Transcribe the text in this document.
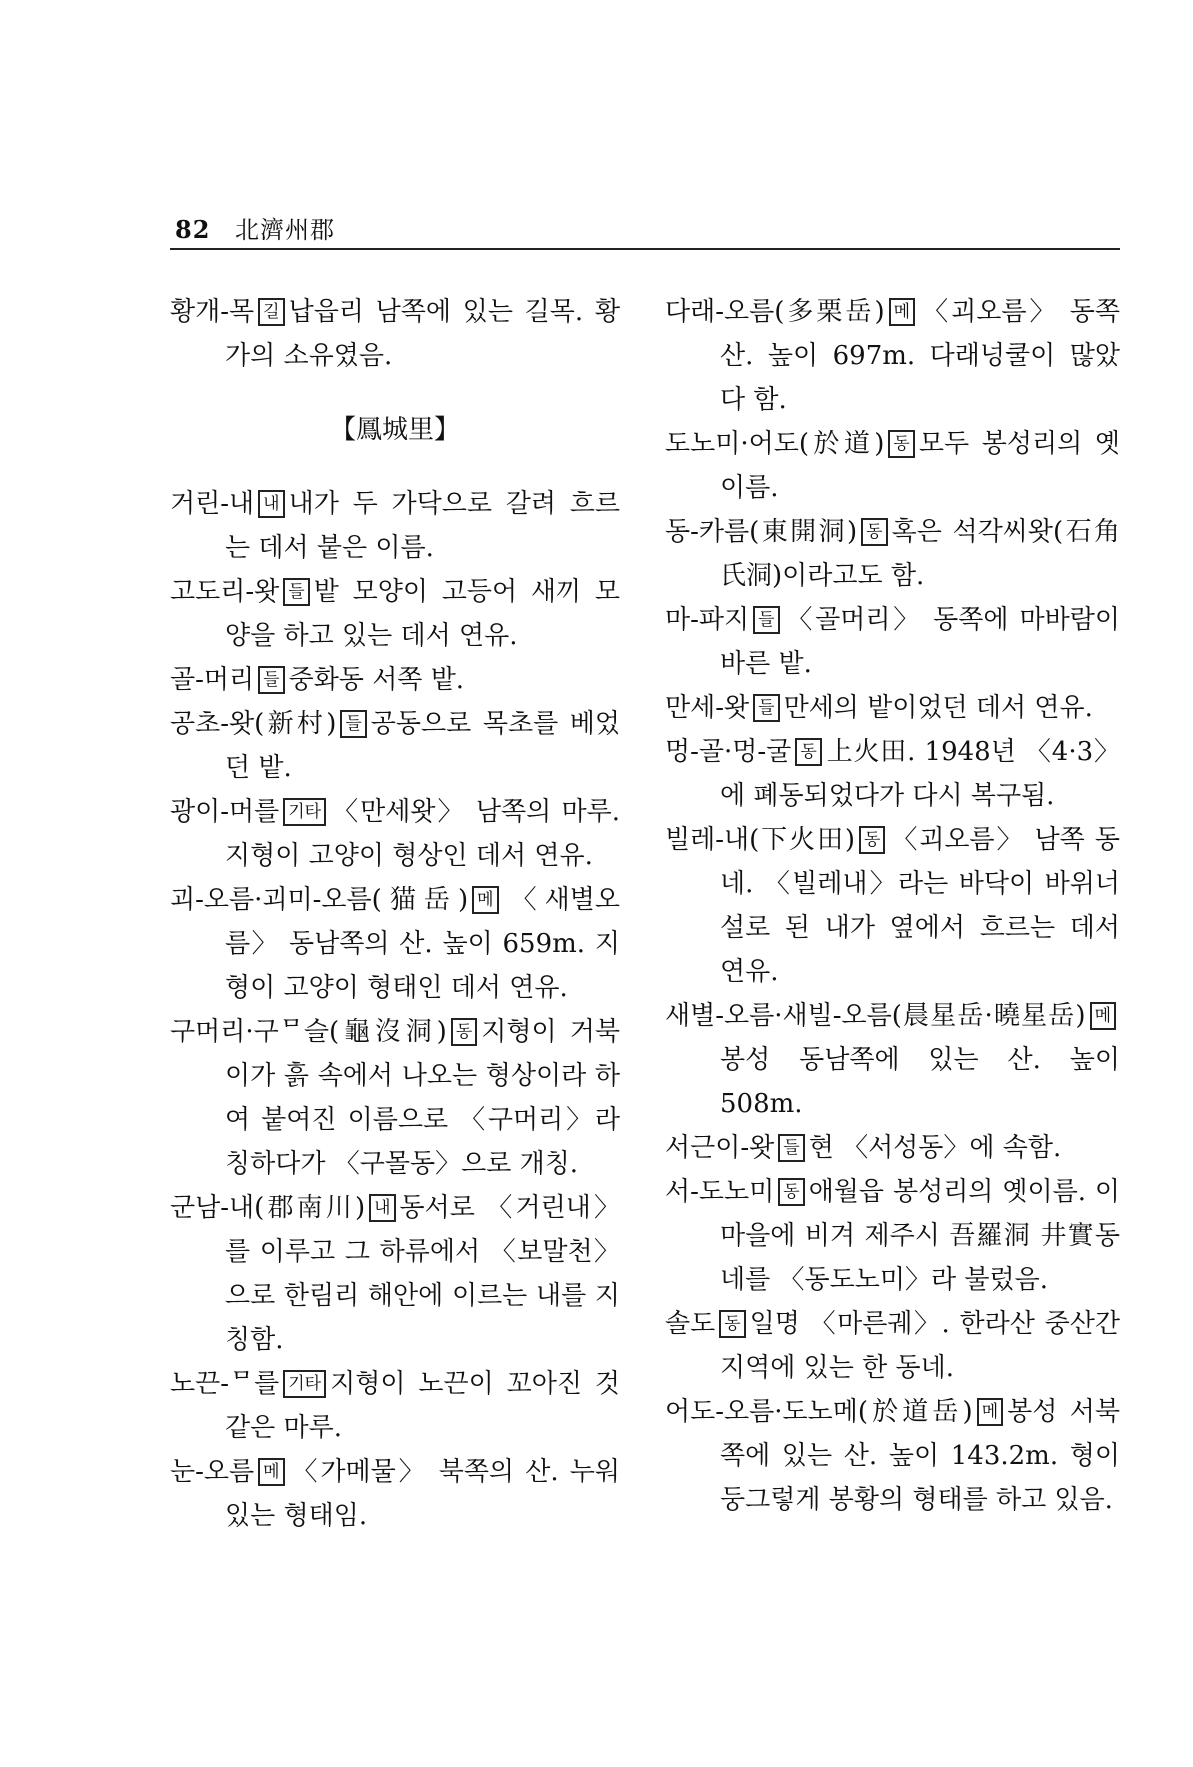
82 北濟州郡
황개-목 길 납읍리 남쪽에 있는 길목. 황가의 소유였음.
【鳳城里】
거린-내 내 내가 두 가닥으로 갈려 흐르는 데서 붙은 이름.
고도리-왓 들 밭 모양이 고등어 새끼 모양을 하고 있는 데서 연유.
골-머리 들 중화동 서쪽 밭.
공초-왓(新村) 들 공동으로 목초를 베었던 밭.
광이-머를 기타 〈만세왓〉 남쪽의 마루. 지형이 고양이 형상인 데서 연유.
괴-오름·괴미-오름(猫岳) 메 〈새별오름〉 동남쪽의 산. 높이 659m. 지형이 고양이 형태인 데서 연유.
구머리·구ᄆ슬(龜沒洞) 동 지형이 거북이가 흙 속에서 나오는 형상이라 하여 붙여진 이름으로 〈구머리〉라 칭하다가 〈구몰동〉으로 개칭.
군남-내(郡南川) 내 동서로 〈거린내〉를 이루고 그 하류에서 〈보말천〉으로 한림리 해안에 이르는 내를 지칭함.
노끈-ᄆ를 기타 지형이 노끈이 꼬아진 것 같은 마루.
눈-오름 메 〈가메물〉 북쪽의 산. 누워있는 형태임.
다래-오름(多栗岳) 메 〈괴오름〉 동쪽 산. 높이 697m. 다래넝쿨이 많았다 함.
도노미·어도(於道) 동 모두 봉성리의 옛이름.
동-카름(東開洞) 동 혹은 석각씨왓(石角氏洞)이라고도 함.
마-파지 들 〈골머리〉 동쪽에 마바람이 바른 밭.
만세-왓 들 만세의 밭이었던 데서 연유.
멍-골·멍-굴 동 上火田. 1948년 〈4·3〉에 폐동되었다가 다시 복구됨.
빌레-내(下火田) 동 〈괴오름〉 남쪽 동네. 〈빌레내〉라는 바닥이 바위너설로 된 내가 옆에서 흐르는 데서 연유.
새별-오름·새빌-오름(晨星岳·曉星岳) 메봉성 동남쪽에 있는 산. 높이 508m.
서근이-왓 들 현 〈서성동〉에 속함.
서-도노미 동 애월읍 봉성리의 옛이름. 이 마을에 비겨 제주시 吾羅洞 井實동네를 〈동도노미〉라 불렀음.
솔도 동 일명 〈마른궤〉. 한라산 중산간 지역에 있는 한 동네.
어도-오름·도노메(於道岳) 메 봉성 서북쪽에 있는 산. 높이 143.2m. 형이 둥그렇게 봉황의 형태를 하고 있음.
